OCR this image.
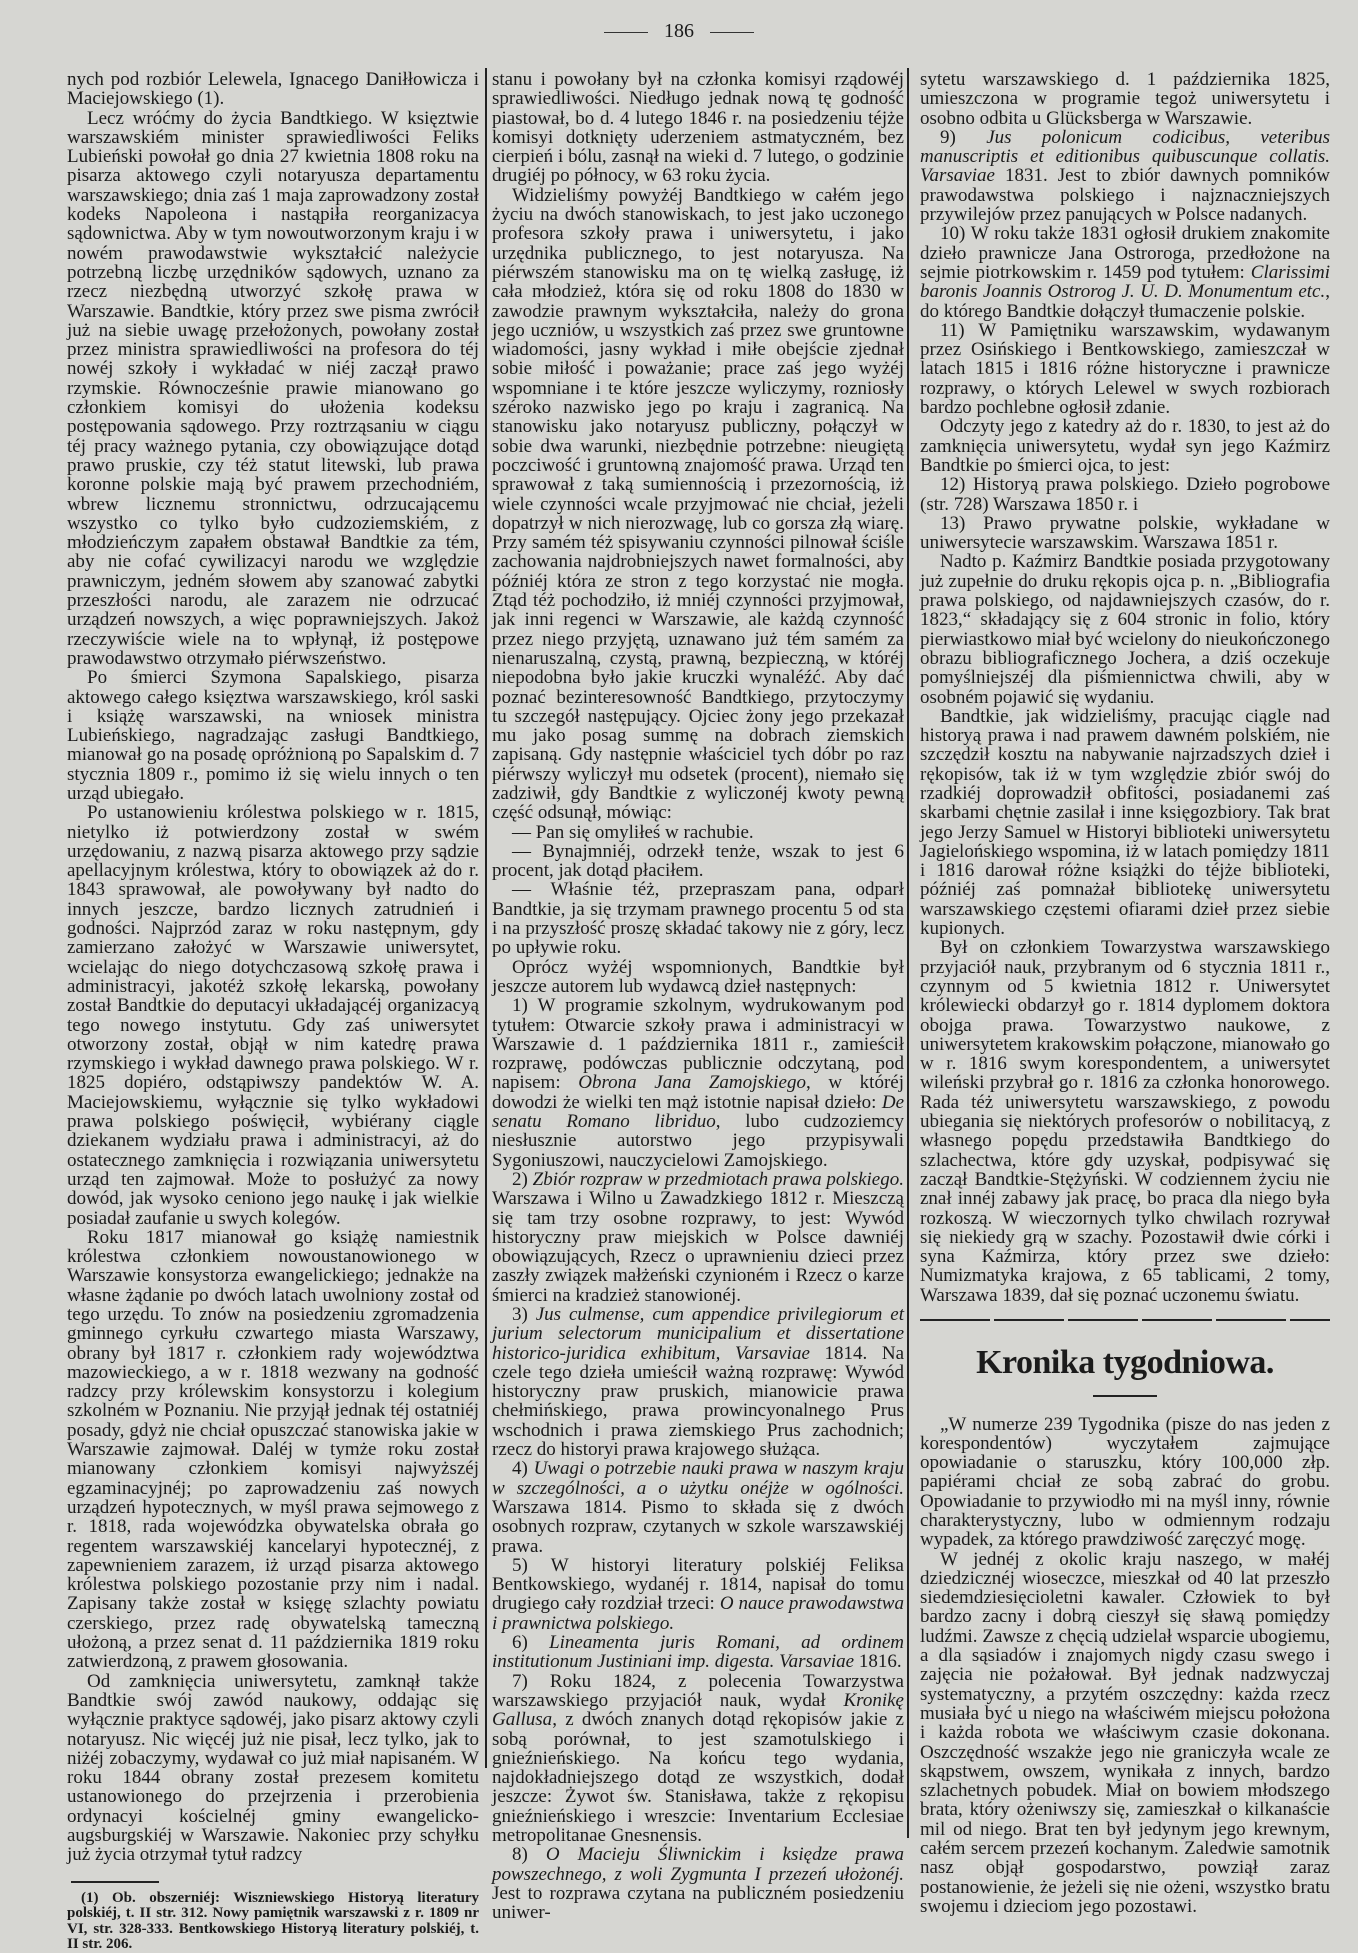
186

nych pod rozbiór Lelewela, Ignacego Daniłłowicza i Maciejowskiego (1).

Lecz wróćmy do życia Bandtkiego. W księztwie warszawskiém minister sprawiedliwości Feliks Lubieński powołał go dnia 27 kwietnia 1808 roku na pisarza aktowego czyli notaryusza departamentu warszawskiego; dnia zaś 1 maja zaprowadzony został kodeks Napoleona i nastąpiła reorganizacya sądownictwa. Aby w tym nowoutworzonym kraju i w nowém prawodawstwie wykształcić należycie potrzebną liczbę urzędników sądowych, uznano za rzecz niezbędną utworzyć szkołę prawa w Warszawie. Bandtkie, który przez swe pisma zwrócił już na siebie uwagę przełożonych, powołany został przez ministra sprawiedliwości na profesora do téj nowéj szkoły i wykładać w niéj zaczął prawo rzymskie. Równocześnie prawie mianowano go członkiem komisyi do ułożenia kodeksu postępowania sądowego. Przy roztrząsaniu w ciągu téj pracy ważnego pytania, czy obowiązujące dotąd prawo pruskie, czy téż statut litewski, lub prawa koronne polskie mają być prawem przechodniém, wbrew licznemu stronnictwu, odrzucającemu wszystko co tylko było cudzoziemskiém, z młodzieńczym zapałem obstawał Bandtkie za tém, aby nie cofać cywilizacyi narodu we względzie prawniczym, jedném słowem aby szanować zabytki przeszłości narodu, ale zarazem nie odrzucać urządzeń nowszych, a więc poprawniejszych. Jakoż rzeczywiście wiele na to wpłynął, iż postępowe prawodawstwo otrzymało piérwszeństwo.

Po śmierci Szymona Sapalskiego, pisarza aktowego całego księztwa warszawskiego, król saski i książę warszawski, na wniosek ministra Lubieńskiego, nagradzając zasługi Bandtkiego, mianował go na posadę opróżnioną po Sapalskim d. 7 stycznia 1809 r., pomimo iż się wielu innych o ten urząd ubiegało.

Po ustanowieniu królestwa polskiego w r. 1815, nietylko iż potwierdzony został w swém urzędowaniu, z nazwą pisarza aktowego przy sądzie apellacyjnym królestwa, który to obowiązek aż do r. 1843 sprawował, ale powoływany był nadto do innych jeszcze, bardzo licznych zatrudnień i godności. Najprzód zaraz w roku następnym, gdy zamierzano założyć w Warszawie uniwersytet, wcielając do niego dotychczasową szkołę prawa i administracyi, jakotéż szkołę lekarską, powołany został Bandtkie do deputacyi układającéj organizacyą tego nowego instytutu. Gdy zaś uniwersytet otworzony został, objął w nim katedrę prawa rzymskiego i wykład dawnego prawa polskiego. W r. 1825 dopiéro, odstąpiwszy pandektów W. A. Maciejowskiemu, wyłącznie się tylko wykładowi prawa polskiego poświęcił, wybiérany ciągle dziekanem wydziału prawa i administracyi, aż do ostatecznego zamknięcia i rozwiązania uniwersytetu urząd ten zajmował. Może to posłużyć za nowy dowód, jak wysoko ceniono jego naukę i jak wielkie posiadał zaufanie u swych kolegów.

Roku 1817 mianował go książę namiestnik królestwa członkiem nowoustanowionego w Warszawie konsystorza ewangelickiego; jednakże na własne żądanie po dwóch latach uwolniony został od tego urzędu. To znów na posiedzeniu zgromadzenia gminnego cyrkułu czwartego miasta Warszawy, obrany był 1817 r. członkiem rady województwa mazowieckiego, a w r. 1818 wezwany na godność radzcy przy królewskim konsystorzu i kolegium szkolném w Poznaniu. Nie przyjął jednak téj ostatniéj posady, gdyż nie chciał opuszczać stanowiska jakie w Warszawie zajmował. Daléj w tymże roku został mianowany członkiem komisyi najwyższéj egzaminacyjnéj; po zaprowadzeniu zaś nowych urządzeń hypotecznych, w myśl prawa sejmowego z r. 1818, rada wojewódzka obywatelska obrała go regentem warszawskiéj kancelaryi hypotecznéj, z zapewnieniem zarazem, iż urząd pisarza aktowego królestwa polskiego pozostanie przy nim i nadal. Zapisany także został w księgę szlachty powiatu czerskiego, przez radę obywatelską tameczną ułożoną, a przez senat d. 11 października 1819 roku zatwierdzoną, z prawem głosowania.

Od zamknięcia uniwersytetu, zamknął także Bandtkie swój zawód naukowy, oddając się wyłącznie praktyce sądowéj, jako pisarz aktowy czyli notaryusz. Nic więcéj już nie pisał, lecz tylko, jak to niżéj zobaczymy, wydawał co już miał napisaném. W roku 1844 obrany został prezesem komitetu ustanowionego do przejrzenia i przerobienia ordynacyi kościelnéj gminy ewangelicko-augsburgskiéj w Warszawie. Nakoniec przy schyłku już życia otrzymał tytuł radzcy

(1) Ob. obszerniéj: Wiszniewskiego Historyą literatury polskiéj, t. II str. 312. Nowy pamiętnik warszawski z r. 1809 nr VI, str. 328-333. Bentkowskiego Historyą literatury polskiéj, t. II str. 206.

stanu i powołany był na członka komisyi rządowéj sprawiedliwości. Niedługo jednak nową tę godność piastował, bo d. 4 lutego 1846 r. na posiedzeniu téjże komisyi dotknięty uderzeniem astmatyczném, bez cierpień i bólu, zasnął na wieki d. 7 lutego, o godzinie drugiéj po północy, w 63 roku życia.

Widzieliśmy powyżéj Bandtkiego w całém jego życiu na dwóch stanowiskach, to jest jako uczonego profesora szkoły prawa i uniwersytetu, i jako urzędnika publicznego, to jest notaryusza. Na piérwszém stanowisku ma on tę wielką zasługę, iż cała młodzież, która się od roku 1808 do 1830 w zawodzie prawnym wykształciła, należy do grona jego uczniów, u wszystkich zaś przez swe gruntowne wiadomości, jasny wykład i miłe obejście zjednał sobie miłość i poważanie; prace zaś jego wyżéj wspomniane i te które jeszcze wyliczymy, rozniosły széroko nazwisko jego po kraju i zagranicą. Na stanowisku jako notaryusz publiczny, połączył w sobie dwa warunki, niezbędnie potrzebne: nieugiętą poczciwość i gruntowną znajomość prawa. Urząd ten sprawował z taką sumiennością i przezornością, iż wiele czynności wcale przyjmować nie chciał, jeżeli dopatrzył w nich nierozwagę, lub co gorsza złą wiarę. Przy samém téż spisywaniu czynności pilnował ściśle zachowania najdrobniejszych nawet formalności, aby późniéj która ze stron z tego korzystać nie mogła. Ztąd téż pochodziło, iż mniéj czynności przyjmował, jak inni regenci w Warszawie, ale każdą czynność przez niego przyjętą, uznawano już tém samém za nienaruszalną, czystą, prawną, bezpieczną, w któréj niepodobna było jakie kruczki wynaléźć. Aby dać poznać bezinteresowność Bandtkiego, przytoczymy tu szczegół następujący. Ojciec żony jego przekazał mu jako posag summę na dobrach ziemskich zapisaną. Gdy następnie właściciel tych dóbr po raz piérwszy wyliczył mu odsetek (procent), niemało się zadziwił, gdy Bandtkie z wyliczonéj kwoty pewną część odsunął, mówiąc:

— Pan się omyliłeś w rachubie.

— Bynajmniéj, odrzekł tenże, wszak to jest 6 procent, jak dotąd płaciłem.

— Właśnie téż, przepraszam pana, odparł Bandtkie, ja się trzymam prawnego procentu 5 od sta i na przyszłość proszę składać takowy nie z góry, lecz po upływie roku.

Oprócz wyżéj wspomnionych, Bandtkie był jeszcze autorem lub wydawcą dzieł następnych:

1) W programie szkolnym, wydrukowanym pod tytułem: Otwarcie szkoły prawa i administracyi w Warszawie d. 1 października 1811 r., zamieścił rozprawę, podówczas publicznie odczytaną, pod napisem: Obrona Jana Zamojskiego, w któréj dowodzi że wielki ten mąż istotnie napisał dzieło: De senatu Romano libriduo, lubo cudzoziemcy niesłusznie autorstwo jego przypisywali Sygoniuszowi, nauczycielowi Zamojskiego.

2) Zbiór rozpraw w przedmiotach prawa polskiego. Warszawa i Wilno u Zawadzkiego 1812 r. Mieszczą się tam trzy osobne rozprawy, to jest: Wywód historyczny praw miejskich w Polsce dawniéj obowiązujących, Rzecz o uprawnieniu dzieci przez zaszły związek małżeński czynioném i Rzecz o karze śmierci na kradzież stanowionéj.

3) Jus culmense, cum appendice privilegiorum et jurium selectorum municipalium et dissertatione historico-juridica exhibitum, Varsaviae 1814. Na czele tego dzieła umieścił ważną rozprawę: Wywód historyczny praw pruskich, mianowicie prawa chełmińskiego, prawa prowincyonalnego Prus wschodnich i prawa ziemskiego Prus zachodnich; rzecz do historyi prawa krajowego służąca.

4) Uwagi o potrzebie nauki prawa w naszym kraju w szczególności, a o użytku onéjże w ogólności. Warszawa 1814. Pismo to składa się z dwóch osobnych rozpraw, czytanych w szkole warszawskiéj prawa.

5) W historyi literatury polskiéj Feliksa Bentkowskiego, wydanéj r. 1814, napisał do tomu drugiego cały rozdział trzeci: O nauce prawodawstwa i prawnictwa polskiego.

6) Lineamenta juris Romani, ad ordinem institutionum Justiniani imp. digesta. Varsaviae 1816.

7) Roku 1824, z polecenia Towarzystwa warszawskiego przyjaciół nauk, wydał Kronikę Gallusa, z dwóch znanych dotąd rękopisów jakie z sobą porównał, to jest szamotulskiego i gnieźnieńskiego. Na końcu tego wydania, najdokładniejszego dotąd ze wszystkich, dodał jeszcze: Żywot św. Stanisława, także z rękopisu gnieźnieńskiego i wreszcie: Inventarium Ecclesiae metropolitanae Gnesnensis.

8) O Macieju Śliwnickim i księdze prawa powszechnego, z woli Zygmunta I przezeń ułożonéj. Jest to rozprawa czytana na publiczném posiedzeniu uniwer-

sytetu warszawskiego d. 1 października 1825, umieszczona w programie tegoż uniwersytetu i osobno odbita u Glücksberga w Warszawie.

9) Jus polonicum codicibus, veteribus manuscriptis et editionibus quibuscunque collatis. Varsaviae 1831. Jest to zbiór dawnych pomników prawodawstwa polskiego i najznaczniejszych przywilejów przez panujących w Polsce nadanych.

10) W roku także 1831 ogłosił drukiem znakomite dzieło prawnicze Jana Ostroroga, przedłożone na sejmie piotrkowskim r. 1459 pod tytułem: Clarissimi baronis Joannis Ostrorog J. U. D. Monumentum etc., do którego Bandtkie dołączył tłumaczenie polskie.

11) W Pamiętniku warszawskim, wydawanym przez Osińskiego i Bentkowskiego, zamieszczał w latach 1815 i 1816 różne historyczne i prawnicze rozprawy, o których Lelewel w swych rozbiorach bardzo pochlebne ogłosił zdanie.

Odczyty jego z katedry aż do r. 1830, to jest aż do zamknięcia uniwersytetu, wydał syn jego Kaźmirz Bandtkie po śmierci ojca, to jest:

12) Historyą prawa polskiego. Dzieło pogrobowe (str. 728) Warszawa 1850 r. i

13) Prawo prywatne polskie, wykładane w uniwersytecie warszawskim. Warszawa 1851 r.

Nadto p. Kaźmirz Bandtkie posiada przygotowany już zupełnie do druku rękopis ojca p. n. „Bibliografia prawa polskiego, od najdawniejszych czasów, do r. 1823,“ składający się z 604 stronic in folio, który pierwiastkowo miał być wcielony do nieukończonego obrazu bibliograficznego Jochera, a dziś oczekuje pomyślniejszéj dla piśmiennictwa chwili, aby w osobném pojawić się wydaniu.

Bandtkie, jak widzieliśmy, pracując ciągle nad historyą prawa i nad prawem dawném polskiém, nie szczędził kosztu na nabywanie najrzadszych dzieł i rękopisów, tak iż w tym względzie zbiór swój do rzadkiéj doprowadził obfitości, posiadanemi zaś skarbami chętnie zasilał i inne księgozbiory. Tak brat jego Jerzy Samuel w Historyi biblioteki uniwersytetu Jagielońskiego wspomina, iż w latach pomiędzy 1811 i 1816 darował różne książki do téjże biblioteki, późniéj zaś pomnażał bibliotekę uniwersytetu warszawskiego częstemi ofiarami dzieł przez siebie kupionych.

Był on członkiem Towarzystwa warszawskiego przyjaciół nauk, przybranym od 6 stycznia 1811 r., czynnym od 5 kwietnia 1812 r. Uniwersytet królewiecki obdarzył go r. 1814 dyplomem doktora obojga prawa. Towarzystwo naukowe, z uniwersytetem krakowskim połączone, mianowało go w r. 1816 swym korespondentem, a uniwersytet wileński przybrał go r. 1816 za członka honorowego. Rada téż uniwersytetu warszawskiego, z powodu ubiegania się niektórych profesorów o nobilitacyą, z własnego popędu przedstawiła Bandtkiego do szlachectwa, które gdy uzyskał, podpisywać się zaczął Bandtkie-Stężyński. W codziennem życiu nie znał innéj zabawy jak pracę, bo praca dla niego była rozkoszą. W wieczornych tylko chwilach rozrywał się niekiedy grą w szachy. Pozostawił dwie córki i syna Kaźmirza, który przez swe dzieło: Numizmatyka krajowa, z 65 tablicami, 2 tomy, Warszawa 1839, dał się poznać uczonemu światu.

Kronika tygodniowa.

„W numerze 239 Tygodnika (pisze do nas jeden z korespondentów) wyczytałem zajmujące opowiadanie o staruszku, który 100,000 złp. papiérami chciał ze sobą zabrać do grobu. Opowiadanie to przywiodło mi na myśl inny, równie charakterystyczny, lubo w odmiennym rodzaju wypadek, za którego prawdziwość zaręczyć mogę.

W jednéj z okolic kraju naszego, w małéj dziedzicznéj wioseczce, mieszkał od 40 lat przeszło siedemdziesięcioletni kawaler. Człowiek to był bardzo zacny i dobrą cieszył się sławą pomiędzy ludźmi. Zawsze z chęcią udzielał wsparcie ubogiemu, a dla sąsiadów i znajomych nigdy czasu swego i zajęcia nie pożałował. Był jednak nadzwyczaj systematyczny, a przytém oszczędny: każda rzecz musiała być u niego na właściwém miejscu położona i każda robota we właściwym czasie dokonana. Oszczędność wszakże jego nie graniczyła wcale ze skąpstwem, owszem, wynikała z innych, bardzo szlachetnych pobudek. Miał on bowiem młodszego brata, który ożeniwszy się, zamieszkał o kilkanaście mil od niego. Brat ten był jedynym jego krewnym, całém sercem przezeń kochanym. Zaledwie samotnik nasz objął gospodarstwo, powziął zaraz postanowienie, że jeżeli się nie ożeni, wszystko bratu swojemu i dzieciom jego pozostawi.
